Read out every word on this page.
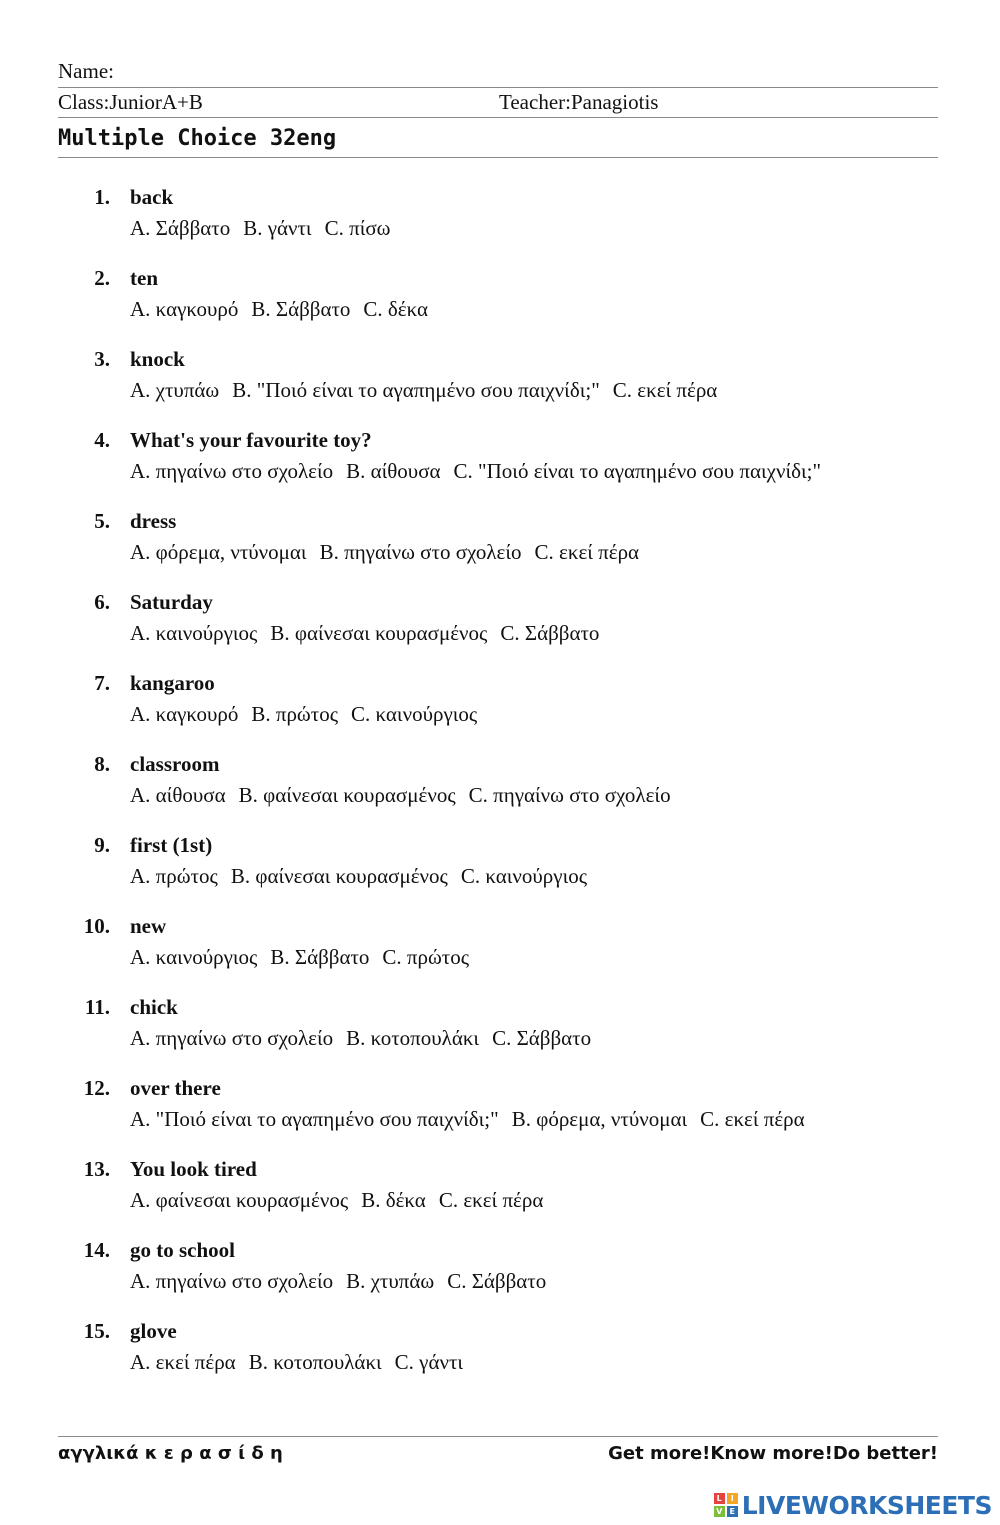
Name:
Class:JuniorA+B	Teacher:Panagiotis
Multiple Choice 32eng
1. back
A. Σάββατο B. γάντι C. πίσω
2. ten
A. καγκουρό B. Σάββατο C. δέκα
3. knock
A. χτυπάω B. "Ποιό είναι το αγαπημένο σου παιχνίδι;" C. εκεί πέρα
4. What's your favourite toy?
A. πηγαίνω στο σχολείο B. αίθουσα C. "Ποιό είναι το αγαπημένο σου παιχνίδι;"
5. dress
A. φόρεμα, ντύνομαι B. πηγαίνω στο σχολείο C. εκεί πέρα
6. Saturday
A. καινούργιος B. φαίνεσαι κουρασμένος C. Σάββατο
7. kangaroo
A. καγκουρό B. πρώτος C. καινούργιος
8. classroom
A. αίθουσα B. φαίνεσαι κουρασμένος C. πηγαίνω στο σχολείο
9. first (1st)
A. πρώτος B. φαίνεσαι κουρασμένος C. καινούργιος
10. new
A. καινούργιος B. Σάββατο C. πρώτος
11. chick
A. πηγαίνω στο σχολείο B. κοτοπουλάκι C. Σάββατο
12. over there
A. "Ποιό είναι το αγαπημένο σου παιχνίδι;" B. φόρεμα, ντύνομαι C. εκεί πέρα
13. You look tired
A. φαίνεσαι κουρασμένος B. δέκα C. εκεί πέρα
14. go to school
A. πηγαίνω στο σχολείο B. χτυπάω C. Σάββατο
15. glove
A. εκεί πέρα B. κοτοπουλάκι C. γάντι
αγγλικά κ ε ρ α σ ί δ η	Get more!Know more!Do better!
L	I
V E LIVEWORKSHEETS
